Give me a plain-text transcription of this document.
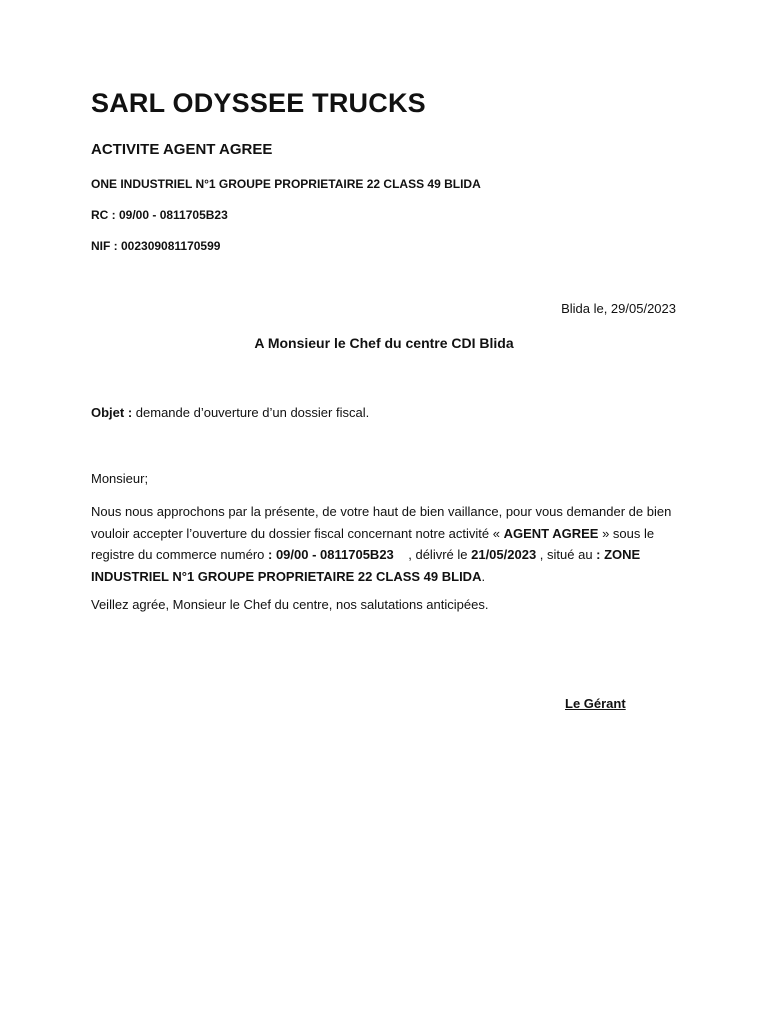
SARL ODYSSEE TRUCKS
ACTIVITE AGENT AGREE
ONE INDUSTRIEL N°1 GROUPE PROPRIETAIRE 22 CLASS 49 BLIDA
RC : 09/00 - 0811705B23
NIF : 002309081170599
Blida le, 29/05/2023
A Monsieur le Chef du centre CDI Blida
Objet : demande d’ouverture d’un dossier fiscal.
Monsieur;
Nous nous approchons par la présente, de votre haut de bien vaillance, pour vous demander de bien vouloir accepter l’ouverture du dossier fiscal concernant notre activité « AGENT AGREE » sous le registre du commerce numéro : 09/00 - 0811705B23    , délivré le 21/05/2023 , situé au : ZONE INDUSTRIEL N°1 GROUPE PROPRIETAIRE 22 CLASS 49 BLIDA.
Veillez agrée, Monsieur le Chef du centre, nos salutations anticipées.
Le Gérant
